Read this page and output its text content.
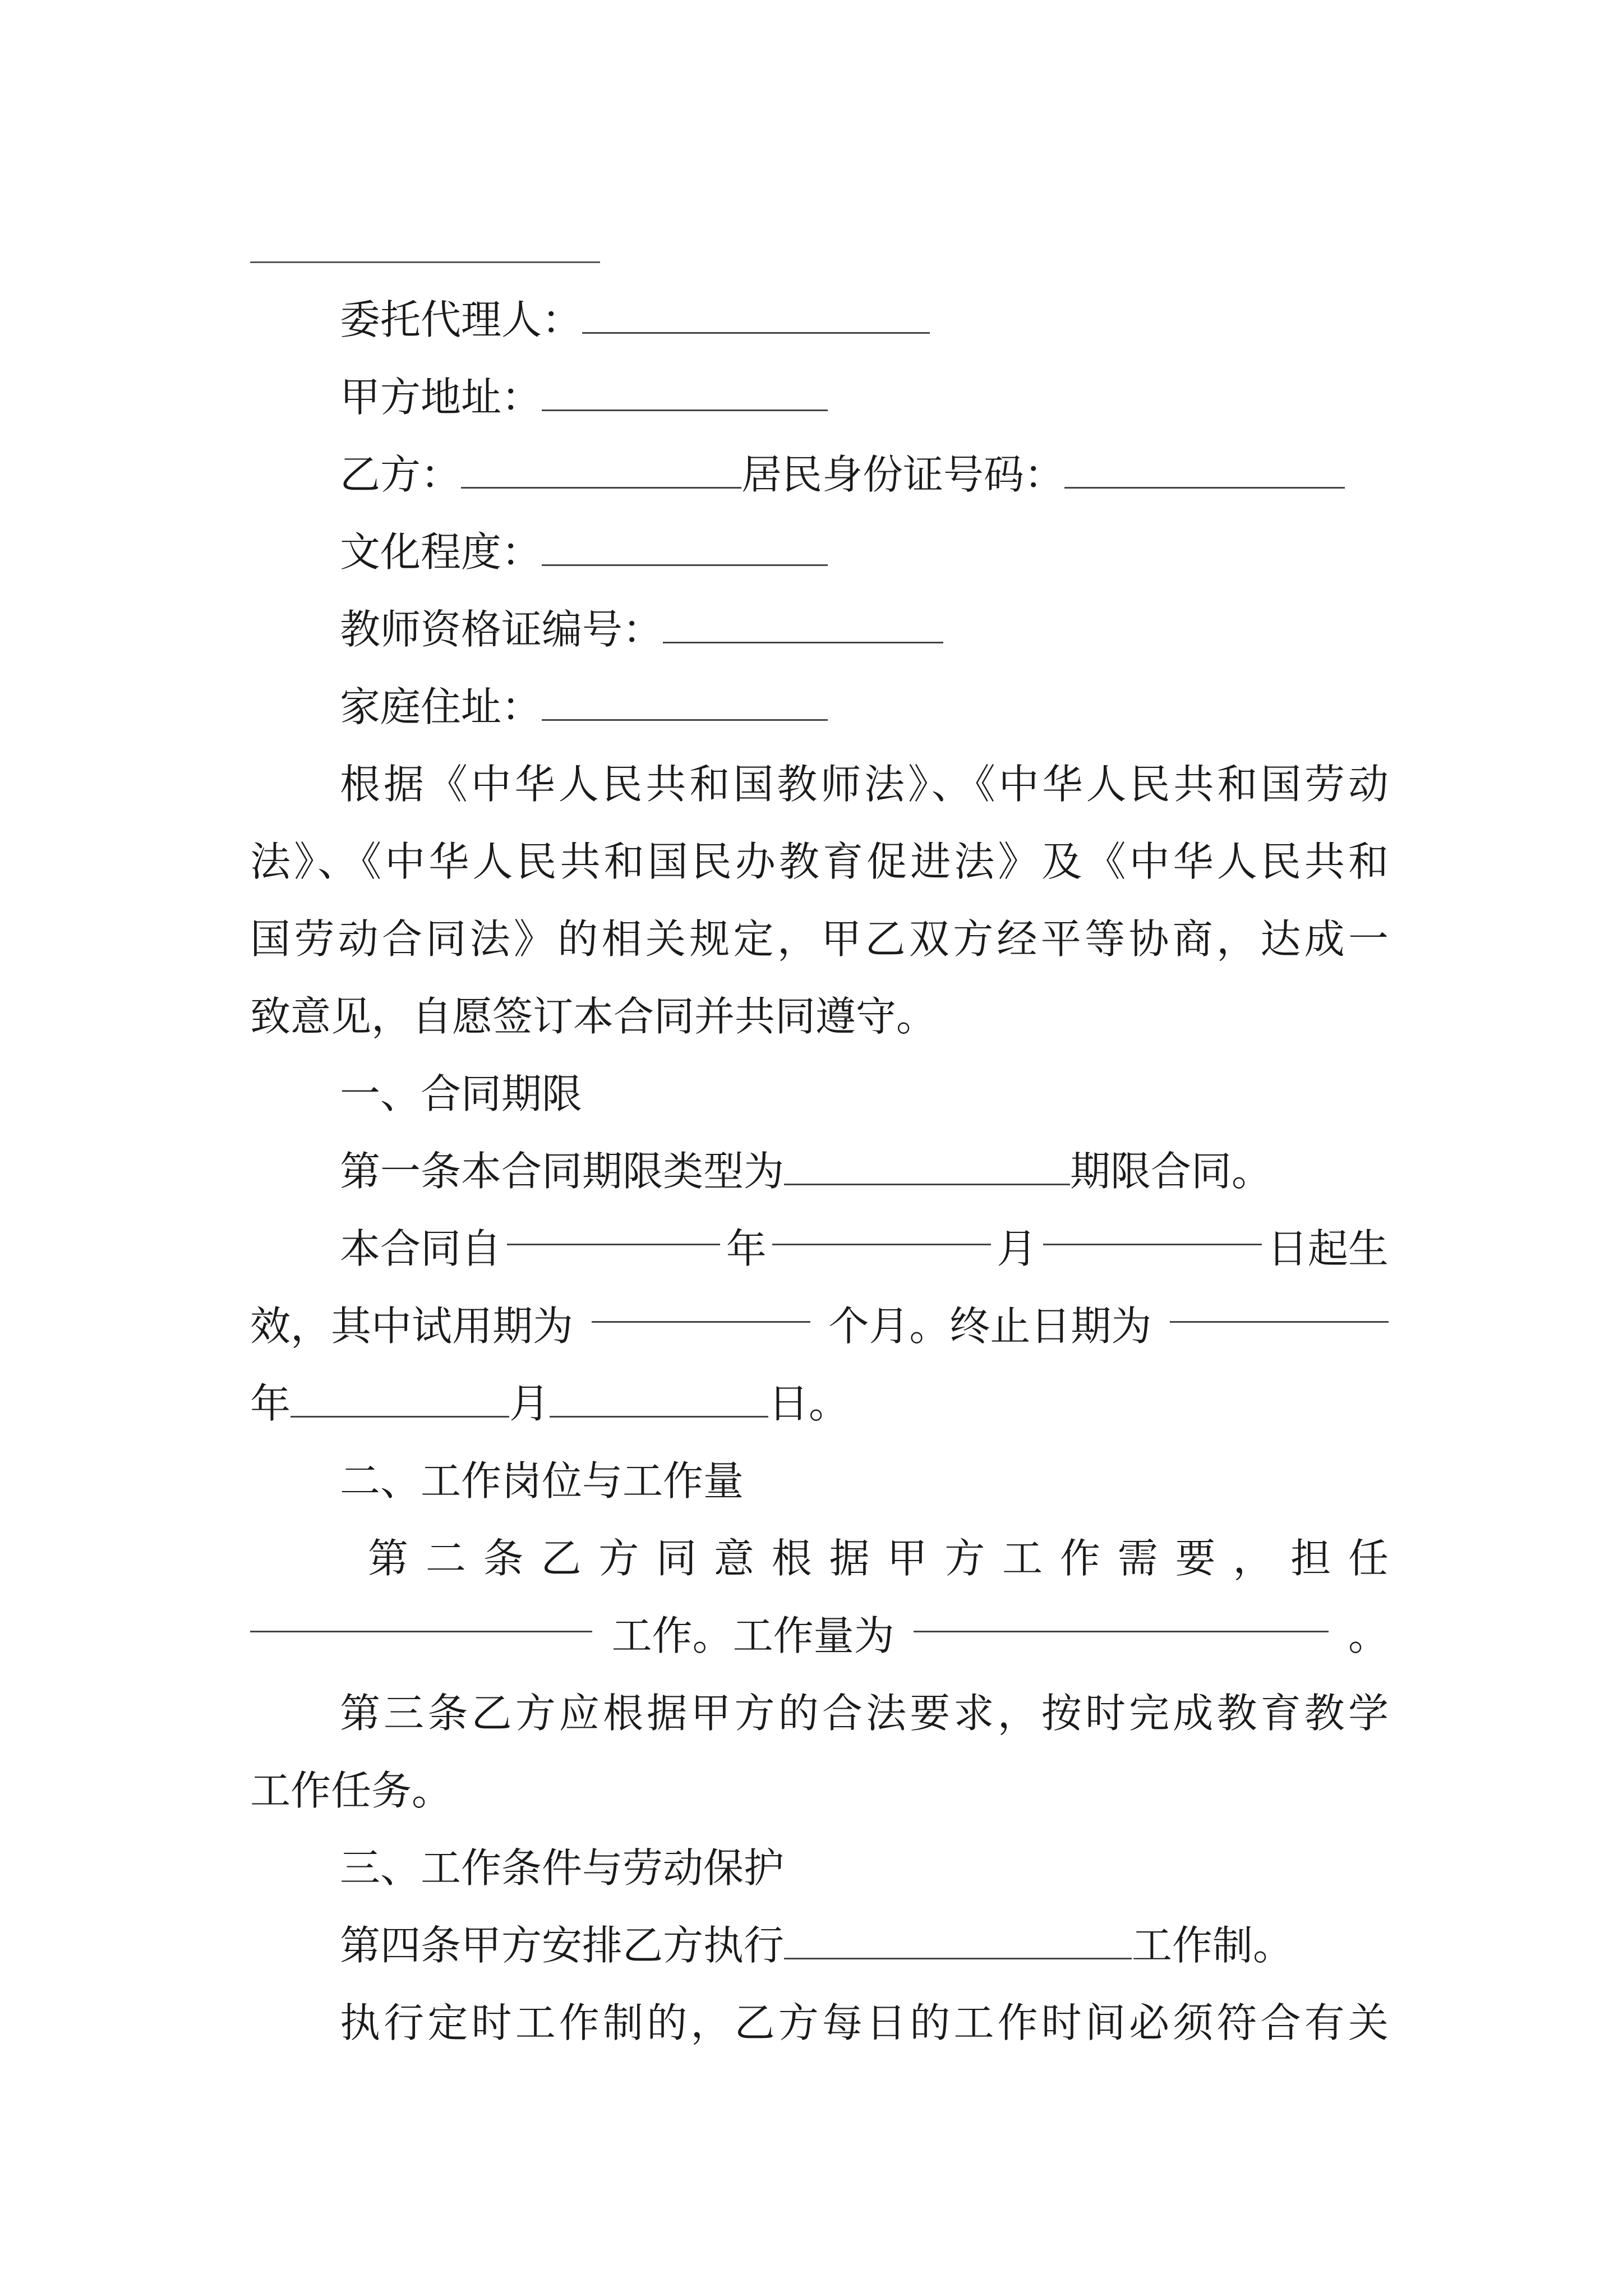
委托代理人：
甲方地址：
乙方：	居民身份证号码：
文化程度：
教师资格证编号：
家庭住址：
根据《中华人民共和国教师法》、《中华人民共和国劳动
法》、《中华人民共和国民办教育促进法》及《中华人民共和
国劳动合同法》的相关规定，甲乙双方经平等协商，达成一
致意见，自愿签订本合同并共同遵守。
一、合同期限
第一条本合同期限类型为	期限合同。
本合同自	年	月	日起生
效，其中试用期为	个月。终止日期为
年	月	日。
二、工作岗位与工作量
第二条乙方同意根据甲方工作需要，担任
工作。工作量为	。
第三条乙方应根据甲方的合法要求，按时完成教育教学
工作任务。
三、工作条件与劳动保护
第四条甲方安排乙方执行	工作制。
执行定时工作制的，乙方每日的工作时间必须符合有关
